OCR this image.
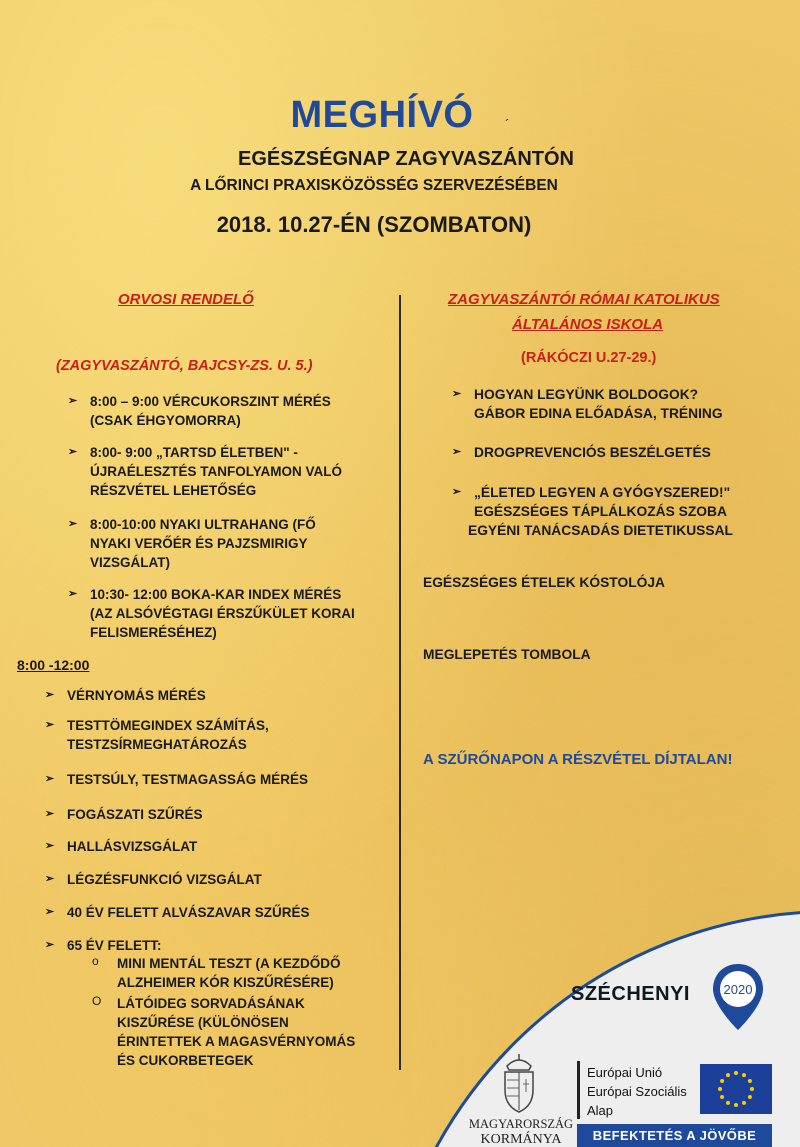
MEGHÍVÓ	´
EGÉSZSÉGNAP ZAGYVASZÁNTÓN
A LŐRINCI PRAXISKÖZÖSSÉG SZERVEZÉSÉBEN
2018. 10.27-ÉN (SZOMBATON)
ORVOSI RENDELŐ
(ZAGYVASZÁNTÓ, BAJCSY-ZS. U. 5.)
➢ 8:00 – 9:00 VÉRCUKORSZINT MÉRÉS
(CSAK ÉHGYOMORRA)
➢ 8:00- 9:00 „TARTSD ÉLETBEN" -
ÚJRAÉLESZTÉS TANFOLYAMON VALÓ
RÉSZVÉTEL LEHETŐSÉG
➢ 8:00-10:00 NYAKI ULTRAHANG (FŐ
NYAKI VERŐÉR ÉS PAJZSMIRIGY
VIZSGÁLAT)
➢ 10:30- 12:00 BOKA-KAR INDEX MÉRÉS
(AZ ALSÓVÉGTAGI ÉRSZŰKÜLET KORAI
FELISMERÉSÉHEZ)
8:00 -12:00
➢ VÉRNYOMÁS MÉRÉS
➢ TESTTÖMEGINDEX SZÁMÍTÁS,
TESTZSÍRMEGHATÁROZÁS
➢ TESTSÚLY, TESTMAGASSÁG MÉRÉS
➢ FOGÁSZATI SZŰRÉS
➢ HALLÁSVIZSGÁLAT
➢ LÉGZÉSFUNKCIÓ VIZSGÁLAT
➢ 40 ÉV FELETT ALVÁSZAVAR SZŰRÉS
➢ 65 ÉV FELETT:
o MINI MENTÁL TESZT (A KEZDŐDŐ
ALZHEIMER KÓR KISZŰRÉSÉRE)
O LÁTÓIDEG SORVADÁSÁNAK
KISZŰRÉSE (KÜLÖNÖSEN
ÉRINTETTEK A MAGASVÉRNYOMÁS
ÉS CUKORBETEGEK
ZAGYVASZÁNTÓI RÓMAI KATOLIKUS
ÁLTALÁNOS ISKOLA
(RÁKÓCZI U.27-29.)
➢ HOGYAN LEGYÜNK BOLDOGOK?
GÁBOR EDINA ELŐADÁSA, TRÉNING
➢ DROGPREVENCIÓS BESZÉLGETÉS
➢ „ÉLETED LEGYEN A GYÓGYSZERED!"
EGÉSZSÉGES TÁPLÁLKOZÁS SZOBA
EGYÉNI TANÁCSADÁS DIETETIKUSSAL
EGÉSZSÉGES ÉTELEK KÓSTOLÓJA
MEGLEPETÉS TOMBOLA
A SZŰRŐNAPON A RÉSZVÉTEL DÍJTALAN!
SZÉCHENYI	2020
MAGYARORSZÁG
KORMÁNYA
Európai Unió
Európai Szociális
Alap
BEFEKTETÉS A JÖVŐBE
